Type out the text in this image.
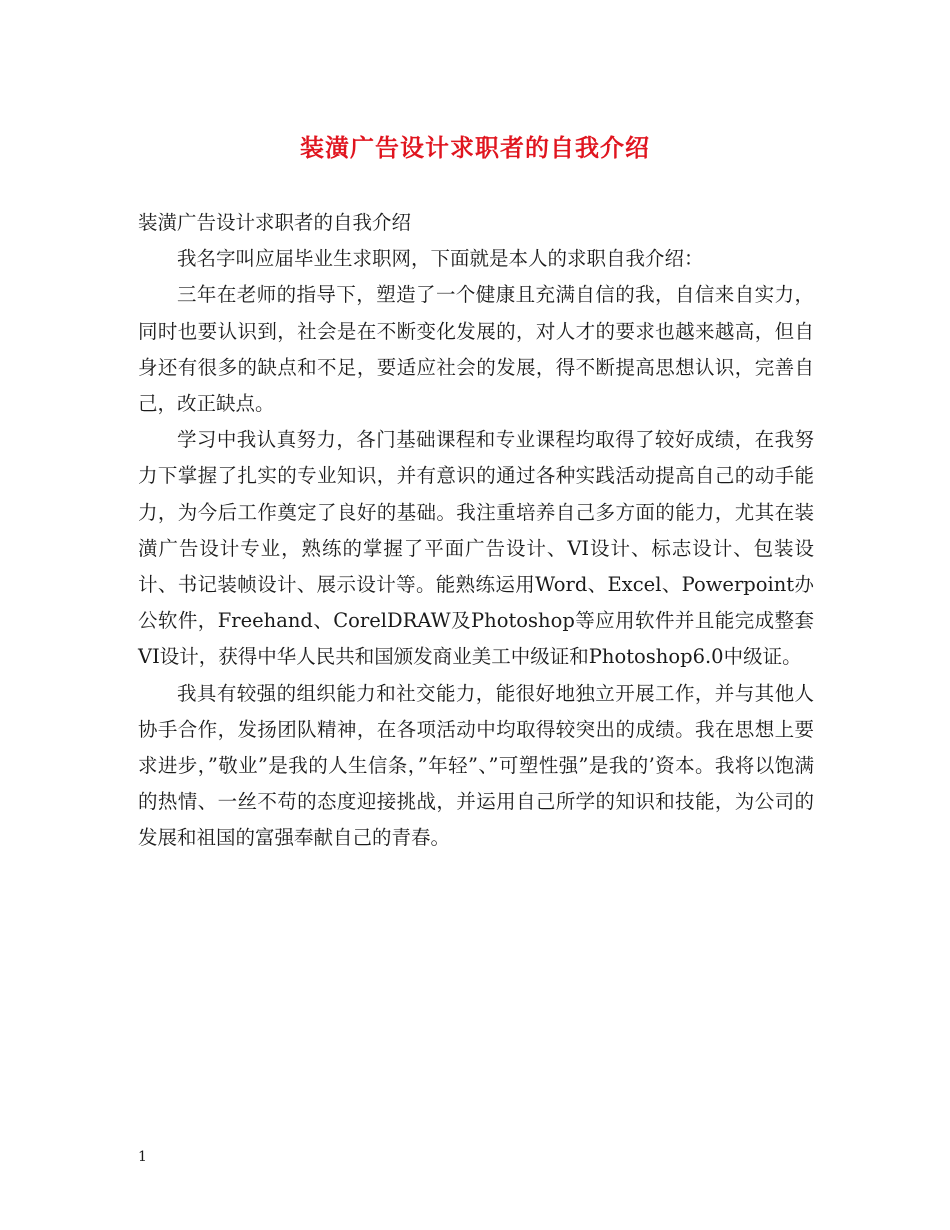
装潢广告设计求职者的自我介绍

装潢广告设计求职者的自我介绍

我名字叫应届毕业生求职网，下面就是本人的求职自我介绍：

三年在老师的指导下，塑造了一个健康且充满自信的我，自信来自实力，同时也要认识到，社会是在不断变化发展的，对人才的要求也越来越高，但自身还有很多的缺点和不足，要适应社会的发展，得不断提高思想认识，完善自己，改正缺点。

学习中我认真努力，各门基础课程和专业课程均取得了较好成绩，在我努力下掌握了扎实的专业知识，并有意识的通过各种实践活动提高自己的动手能力，为今后工作奠定了良好的基础。我注重培养自己多方面的能力，尤其在装潢广告设计专业，熟练的掌握了平面广告设计、VI设计、标志设计、包装设计、书记装帧设计、展示设计等。能熟练运用Word、Excel、Powerpoint办公软件，Freehand、CorelDRAW及Photoshop等应用软件并且能完成整套VI设计，获得中华人民共和国颁发商业美工中级证和Photoshop6.0中级证。

我具有较强的组织能力和社交能力，能很好地独立开展工作，并与其他人协手合作，发扬团队精神，在各项活动中均取得较突出的成绩。我在思想上要求进步，”敬业”是我的人生信条，”年轻”、”可塑性强”是我的’资本。我将以饱满的热情、一丝不苟的态度迎接挑战，并运用自己所学的知识和技能，为公司的发展和祖国的富强奉献自己的青春。

1
